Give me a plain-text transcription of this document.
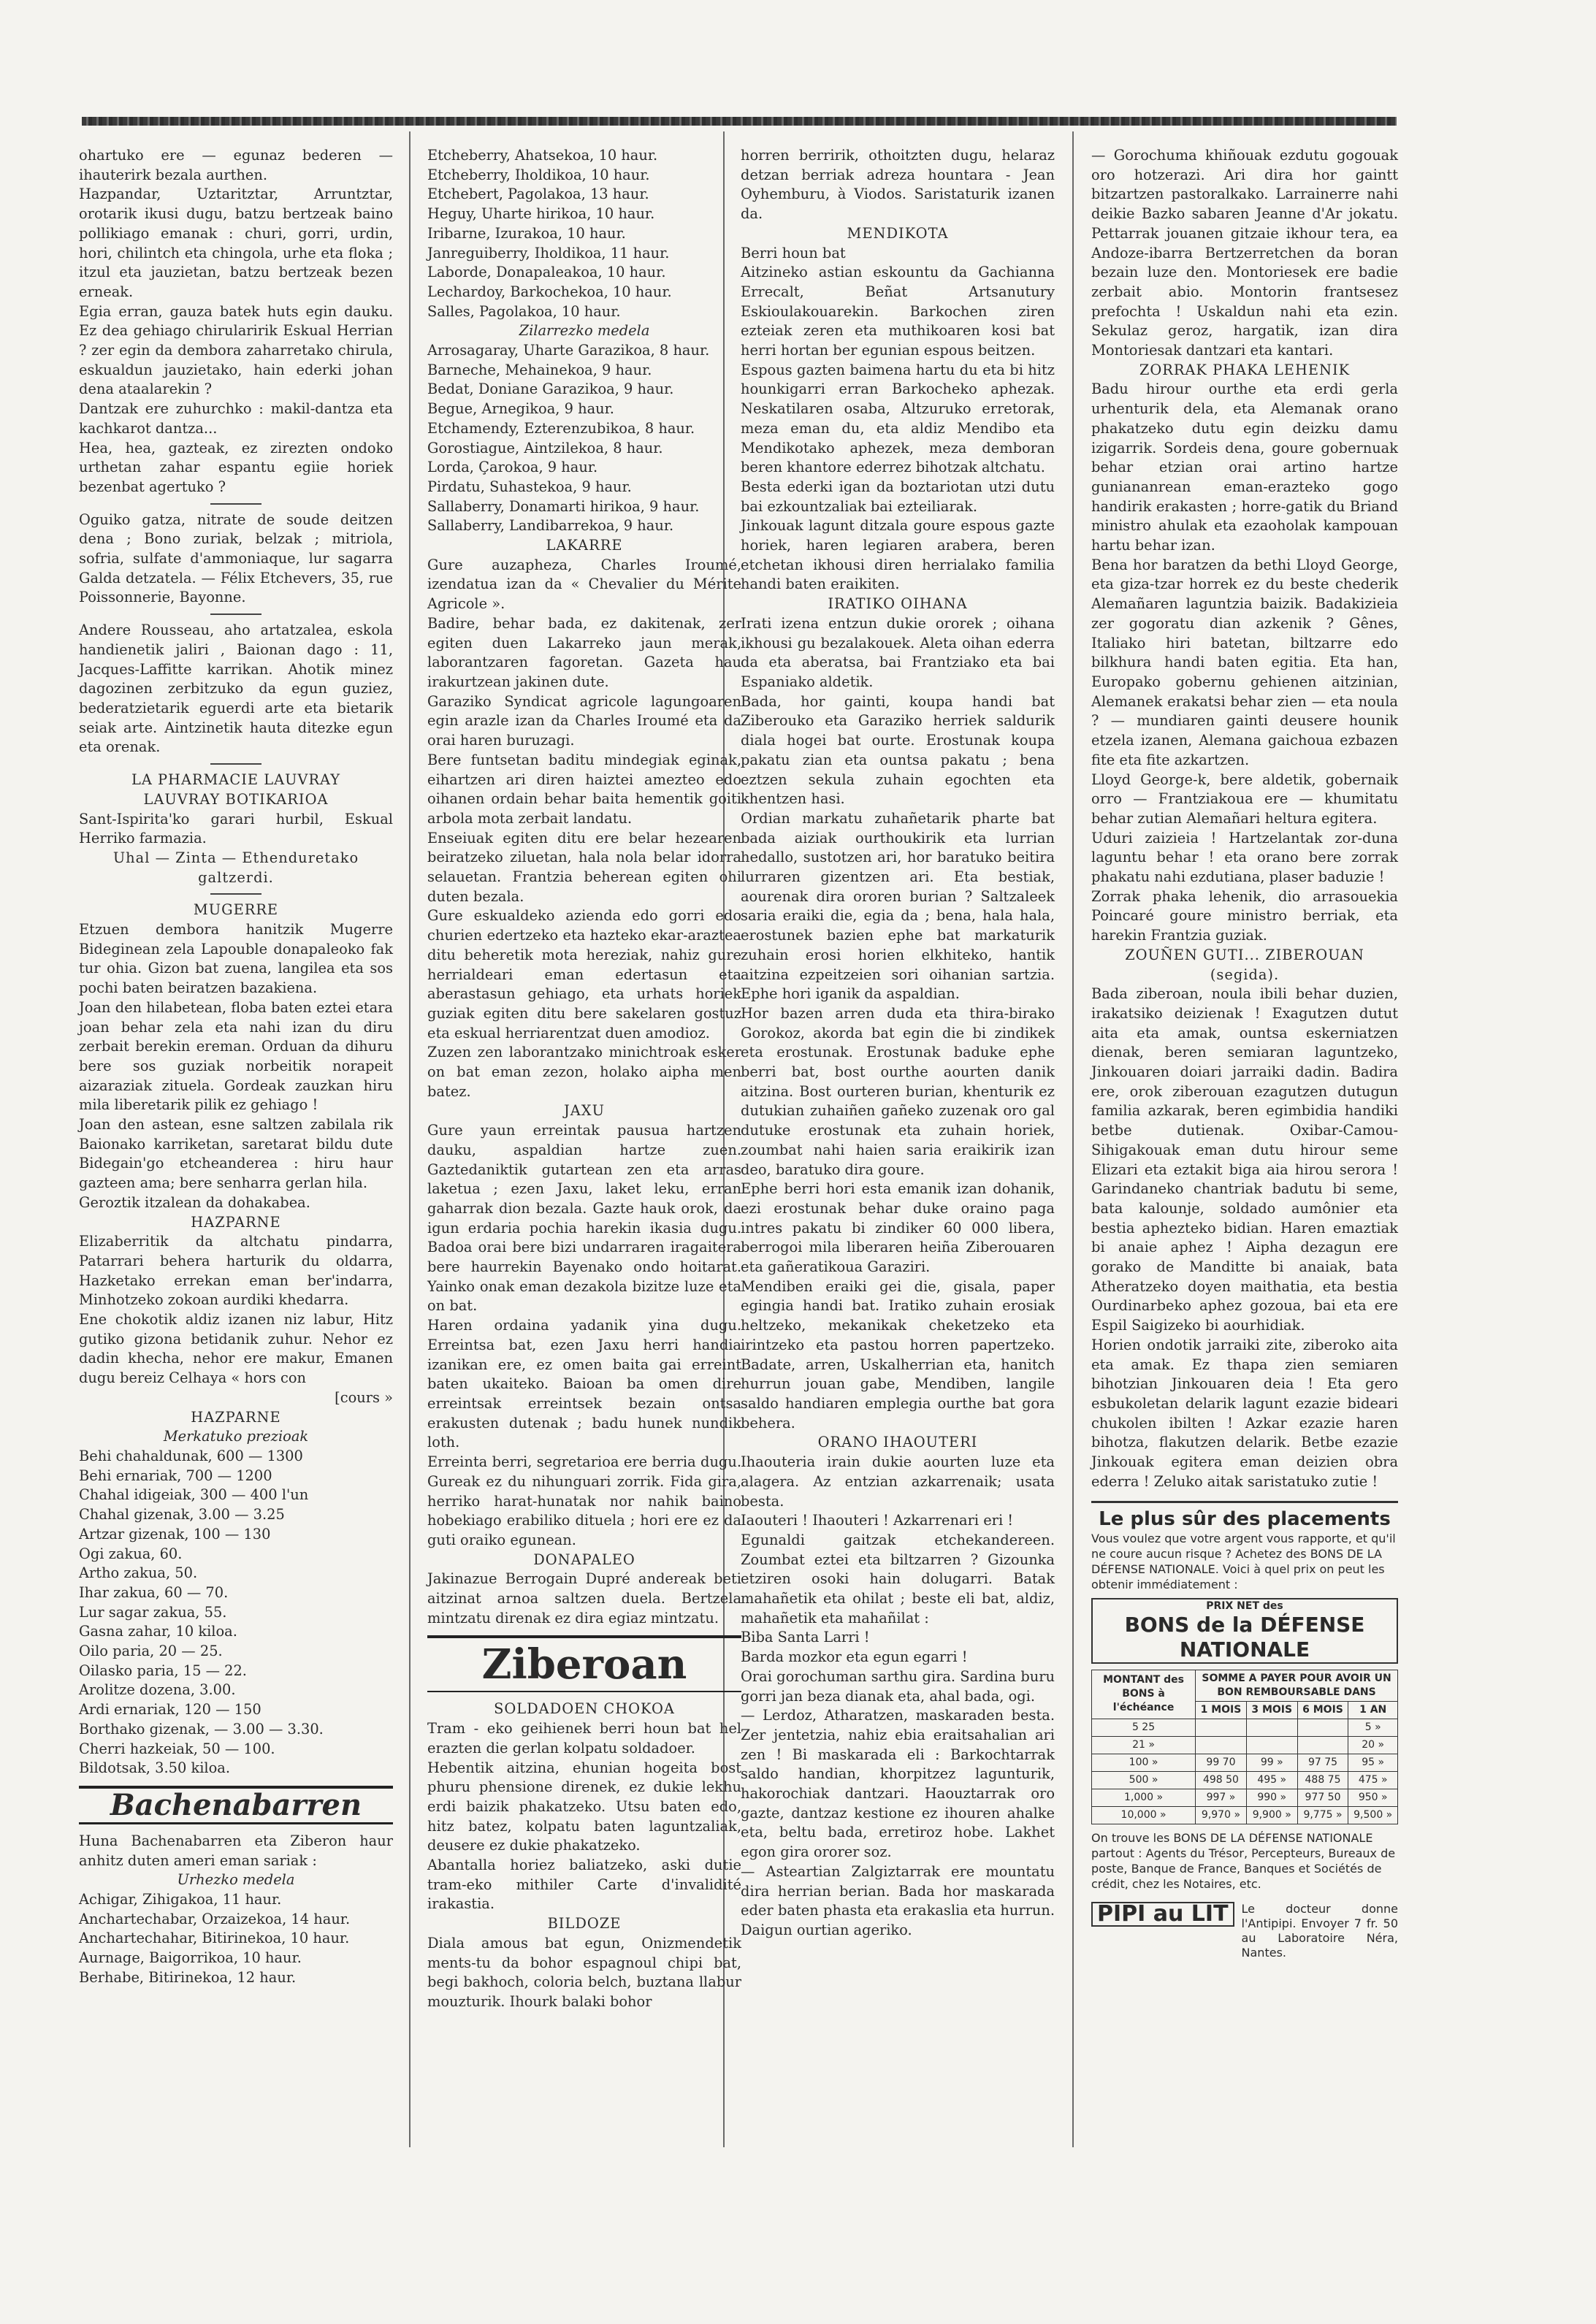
ohartuko ere — egunaz bederen — ihauterirk bezala aurthen.

Hazpandar, Uztaritztar, Arruntztar, orotarik ikusi dugu, batzu bertzeak baino pollikiago emanak : churi, gorri, urdin, hori, chilintch eta chingola, urhe eta floka ; itzul eta jauzietan, batzu bertzeak bezen erneak.

Egia erran, gauza batek huts egin dauku. Ez dea gehiago chirularirik Eskual Herrian ? zer egin da dembora zaharretako chirula, eskualdun jauzietako, hain ederki johan dena ataalarekin ?

Dantzak ere zuhurchko : makil-dantza eta kachkarot dantza...

Hea, hea, gazteak, ez zirezten ondoko urthetan zahar espantu egiie horiek bezenbat agertuko ?

Oguiko gatza, nitrate de soude deitzen dena ; Bono zuriak, belzak ; mitriola, sofria, sulfate d'ammoniaque, lur sagarra Galda detzatela. — Félix Etchevers, 35, rue Poissonnerie, Bayonne.

Andere Rousseau, aho artatzalea, eskola handienetik jaliri , Baionan dago : 11, Jacques-Laffitte karrikan. Ahotik minez dagozinen zerbitzuko da egun guziez, bederatzietarik eguerdi arte eta bietarik seiak arte. Aintzinetik hauta ditezke egun eta orenak.

LA PHARMACIE LAUVRAY

LAUVRAY BOTIKARIOA

Sant-Ispirita'ko garari hurbil, Eskual Herriko farmazia.

Uhal — Zinta — Ethenduretako galtzerdi.

MUGERRE

Etzuen dembora hanitzik Mugerre Bideginean zela Lapouble donapaleoko fak tur ohia. Gizon bat zuena, langilea eta sos pochi baten beiratzen bazakiena.

Joan den hilabetean, floba baten eztei etara joan behar zela eta nahi izan du diru zerbait berekin ereman. Orduan da dihuru bere sos guziak norbeitik norapeit aizaraziak zituela. Gordeak zauzkan hiru mila liberetarik pilik ez gehiago !

Joan den astean, esne saltzen zabilala rik Baionako karriketan, saretarat bildu dute Bidegain'go etcheanderea : hiru haur gazteen ama; bere senharra gerlan hila.

Geroztik itzalean da dohakabea.

HAZPARNE

Elizaberritik da altchatu pindarra, Patarrari behera harturik du oldarra, Hazketako errekan eman ber'indarra, Minhotzeko zokoan aurdiki khedarra.

Ene chokotik aldiz izanen niz labur, Hitz gutiko gizona betidanik zuhur. Nehor ez dadin khecha, nehor ere makur, Emanen dugu bereiz Celhaya « hors con

[cours »

HAZPARNE

Merkatuko prezioak

Behi chahaldunak, 600 — 1300

Behi ernariak, 700 — 1200

Chahal idigeiak, 300 — 400 l'un

Chahal gizenak, 3.00 — 3.25

Artzar gizenak, 100 — 130

Ogi zakua, 60.

Artho zakua, 50.

Ihar zakua, 60 — 70.

Lur sagar zakua, 55.

Gasna zahar, 10 kiloa.

Oilo paria, 20 — 25.

Oilasko paria, 15 — 22.

Arolitze dozena, 3.00.

Ardi ernariak, 120 — 150

Borthako gizenak, — 3.00 — 3.30.

Cherri hazkeiak, 50 — 100.

Bildotsak, 3.50 kiloa.

Bachenabarren

Huna Bachenabarren eta Ziberon haur anhitz duten ameri eman sariak :

Urhezko medela

Achigar, Zihigakoa, 11 haur.

Anchartechabar, Orzaizekoa, 14 haur.

Anchartechahar, Bitirinekoa, 10 haur.

Aurnage, Baigorrikoa, 10 haur.

Berhabe, Bitirinekoa, 12 haur.

Etcheberry, Ahatsekoa, 10 haur.

Etcheberry, Iholdikoa, 10 haur.

Etchebert, Pagolakoa, 13 haur.

Heguy, Uharte hirikoa, 10 haur.

Iribarne, Izurakoa, 10 haur.

Janreguiberry, Iholdikoa, 11 haur.

Laborde, Donapaleakoa, 10 haur.

Lechardoy, Barkochekoa, 10 haur.

Salles, Pagolakoa, 10 haur.

Zilarrezko medela

Arrosagaray, Uharte Garazikoa, 8 haur.

Barneche, Mehainekoa, 9 haur.

Bedat, Doniane Garazikoa, 9 haur.

Begue, Arnegikoa, 9 haur.

Etchamendy, Ezterenzubikoa, 8 haur.

Gorostiague, Aintzilekoa, 8 haur.

Lorda, Çarokoa, 9 haur.

Pirdatu, Suhastekoa, 9 haur.

Sallaberry, Donamarti hirikoa, 9 haur.

Sallaberry, Landibarrekoa, 9 haur.

LAKARRE

Gure auzapheza, Charles Iroumé, izendatua izan da « Chevalier du Mérite Agricole ».

Badire, behar bada, ez dakitenak, zer egiten duen Lakarreko jaun merak, laborantzaren fagoretan. Gazeta hau irakurtzean jakinen dute.

Garaziko Syndicat agricole lagungoaren egin arazle izan da Charles Iroumé eta da orai haren buruzagi.

Bere funtsetan baditu mindegiak eginak, eihartzen ari diren haiztei amezteo edo oihanen ordain behar baita hementik goiti arbola mota zerbait landatu.

Enseiuak egiten ditu ere belar hezearen beiratzeko ziluetan, hala nola belar idorra selauetan. Frantzia beherean egiten ohi duten bezala.

Gure eskualdeko azienda edo gorri edo churien edertzeko eta hazteko ekar-araztea ditu beheretik mota hereziak, nahiz gure herrialdeari eman edertasun eta aberastasun gehiago, eta urhats horiek guziak egiten ditu bere sakelaren gostuz eta eskual herriarentzat duen amodioz.

Zuzen zen laborantzako minichtroak esker on bat eman zezon, holako aipha men batez.

JAXU

Gure yaun erreintak pausua hartzen dauku, aspaldian hartze zuen. Gaztedaniktik gutartean zen eta arras laketua ; ezen Jaxu, laket leku, erran gaharrak dion bezala. Gazte hauk orok, da igun erdaria pochia harekin ikasia dugu. Badoa orai bere bizi undarraren iragaitera bere haurrekin Bayenako ondo hoitarat. Yainko onak eman dezakola bizitze luze eta on bat.

Haren ordaina yadanik yina dugu. Erreintsa bat, ezen Jaxu herri handia izanikan ere, ez omen baita gai erreint baten ukaiteko. Baioan ba omen dire erreintsak erreintsek bezain ontsa erakusten dutenak ; badu hunek nundik loth.

Erreinta berri, segretarioa ere berria dugu. Gureak ez du nihunguari zorrik. Fida gira, herriko harat-hunatak nor nahik baino hobekiago erabiliko dituela ; hori ere ez da guti oraiko egunean.

DONAPALEO

Jakinazue Berrogain Dupré andereak beti aitzinat arnoa saltzen duela. Bertzela mintzatu direnak ez dira egiaz mintzatu.

Ziberoan

SOLDADOEN CHOKOA

Tram - eko geihienek berri houn bat hel erazten die gerlan kolpatu soldadoer.

Hebentik aitzina, ehunian hogeita bost phuru phensione direnek, ez dukie lekhu erdi baizik phakatzeko. Utsu baten edo, hitz batez, kolpatu baten laguntzaliak, deusere ez dukie phakatzeko.

Abantalla horiez baliatzeko, aski dutie tram-eko mithiler Carte d'invalidité irakastia.

BILDOZE

Diala amous bat egun, Onizmendetik ments-tu da bohor espagnoul chipi bat, begi bakhoch, coloria belch, buztana llabur mouzturik. Ihourk balaki bohor

horren berririk, othoitzten dugu, helaraz detzan berriak adreza hountara - Jean Oyhemburu, à Viodos. Saristaturik izanen da.

MENDIKOTA

Berri houn bat

Aitzineko astian eskountu da Gachianna Errecalt, Beñat Artsanutury Eskioulakouarekin. Barkochen ziren ezteiak zeren eta muthikoaren kosi bat herri hortan ber egunian espous beitzen.

Espous gazten baimena hartu du eta bi hitz hounkigarri erran Barkocheko aphezak. Neskatilaren osaba, Altzuruko erretorak, meza eman du, eta aldiz Mendibo eta Mendikotako aphezek, meza demboran beren khantore ederrez bihotzak altchatu.

Besta ederki igan da boztariotan utzi dutu bai ezkountzaliak bai ezteiliarak.

Jinkouak lagunt ditzala goure espous gazte horiek, haren legiaren arabera, beren etchetan ikhousi diren herrialako familia handi baten eraikiten.

IRATIKO OIHANA

Irati izena entzun dukie ororek ; oihana ikhousi gu bezalakouek. Aleta oihan ederra da eta aberatsa, bai Frantziako eta bai Espaniako aldetik.

Bada, hor gainti, koupa handi bat Ziberouko eta Garaziko herriek saldurik diala hogei bat ourte. Erostunak koupa pakatu zian eta ountsa pakatu ; bena eztzen sekula zuhain egochten eta khentzen hasi.

Ordian markatu zuhañetarik pharte bat bada aiziak ourthoukirik eta lurrian hedallo, sustotzen ari, hor baratuko beitira lurraren gizentzen ari. Eta bestiak, aourenak dira ororen burian ? Saltzaleek saria eraiki die, egia da ; bena, hala hala, erostunek bazien ephe bat markaturik zuhain erosi horien elkhiteko, hantik aitzina ezpeitzeien sori oihanian sartzia. Ephe hori iganik da aspaldian.

Hor bazen arren duda eta thira-birako Gorokoz, akorda bat egin die bi zindikek eta erostunak. Erostunak baduke ephe berri bat, bost ourthe aourten danik aitzina. Bost ourteren burian, khenturik ez dutukian zuhaiñen gañeko zuzenak oro gal dutuke erostunak eta zuhain horiek, zoumbat nahi haien saria eraikirik izan deo, baratuko dira goure.

Ephe berri hori esta emanik izan dohanik, ezi erostunak behar duke oraino paga intres pakatu bi zindiker 60 000 libera, berrogoi mila liberaren heiña Ziberouaren eta gañeratikoua Garaziri.

Mendiben eraiki gei die, gisala, paper egingia handi bat. Iratiko zuhain erosiak heltzeko, mekanikak cheketzeko eta irintzeko eta pastou horren papertzeko. Badate, arren, Uskalherrian eta, hanitch hurrun jouan gabe, Mendiben, langile saldo handiaren emplegia ourthe bat gora behera.

ORANO IHAOUTERI

Ihaouteria irain dukie aourten luze eta alagera. Az entzian azkarrenaik; usata besta.

Iaouteri ! Ihaouteri ! Azkarrenari eri !

Egunaldi gaitzak etchekandereen. Zoumbat eztei eta biltzarren ? Gizounka etziren osoki hain dolugarri. Batak mahañetik eta ohilat ; beste eli bat, aldiz, mahañetik eta mahañilat :

Biba Santa Larri !

Barda mozkor eta egun egarri !

Orai gorochuman sarthu gira. Sardina buru gorri jan beza dianak eta, ahal bada, ogi.

— Lerdoz, Atharatzen, maskaraden besta. Zer jentetzia, nahiz ebia eraitsahalian ari zen ! Bi maskarada eli : Barkochtarrak saldo handian, khorpitzez lagunturik, hakorochiak dantzari. Haouztarrak oro gazte, dantzaz kestione ez ihouren ahalke eta, beltu bada, erretiroz hobe. Lakhet egon gira ororer soz.

— Asteartian Zalgiztarrak ere mountatu dira herrian berian. Bada hor maskarada eder baten phasta eta erakaslia eta hurrun. Daigun ourtian ageriko.

— Gorochuma khiñouak ezdutu gogouak oro hotzerazi. Ari dira hor gaintt bitzartzen pastoralkako. Larrainerre nahi deikie Bazko sabaren Jeanne d'Ar jokatu. Pettarrak jouanen gitzaie ikhour tera, ea Andoze-ibarra Bertzerretchen da boran bezain luze den. Montoriesek ere badie zerbait abio. Montorin frantsesez prefochta ! Uskaldun nahi eta ezin. Sekulaz geroz, hargatik, izan dira Montoriesak dantzari eta kantari.

ZORRAK PHAKA LEHENIK

Badu hirour ourthe eta erdi gerla urhenturik dela, eta Alemanak orano phakatzeko dutu egin deizku damu izigarrik. Sordeis dena, goure gobernuak behar etzian orai artino hartze guniananrean eman-erazteko gogo handirik erakasten ; horre-gatik du Briand ministro ahulak eta ezaoholak kampouan hartu behar izan.

Bena hor baratzen da bethi Lloyd George, eta giza-tzar horrek ez du beste chederik Alemañaren laguntzia baizik. Badakizieia zer gogoratu dian azkenik ? Gênes, Italiako hiri batetan, biltzarre edo bilkhura handi baten egitia. Eta han, Europako gobernu gehienen aitzinian, Alemanek erakatsi behar zien — eta noula ? — mundiaren gainti deusere hounik etzela izanen, Alemana gaichoua ezbazen fite eta fite azkartzen.

Lloyd George-k, bere aldetik, gobernaik orro — Frantziakoua ere — khumitatu behar zutian Alemañari heltura egitera.

Uduri zaizieia ! Hartzelantak zor-duna laguntu behar ! eta orano bere zorrak phakatu nahi ezdutiana, plaser baduzie !

Zorrak phaka lehenik, dio arrasouekia Poincaré goure ministro berriak, eta harekin Frantzia guziak.

ZOUÑEN GUTI... ZIBEROUAN (segida).

Bada ziberoan, noula ibili behar duzien, irakatsiko deizienak ! Exagutzen dutut aita eta amak, ountsa eskerniatzen dienak, beren semiaran laguntzeko, Jinkouaren doiari jarraiki dadin. Badira ere, orok ziberouan ezagutzen dutugun familia azkarak, beren egimbidia handiki betbe dutienak. Oxibar-Camou-Sihigakouak eman dutu hirour seme Elizari eta eztakit biga aia hirou serora ! Garindaneko chantriak badutu bi seme, bata kalounje, soldado aumônier eta bestia aphezteko bidian. Haren emaztiak bi anaie aphez ! Aipha dezagun ere gorako de Manditte bi anaiak, bata Atheratzeko doyen maithatia, eta bestia Ourdinarbeko aphez gozoua, bai eta ere Espil Saigizeko bi aourhidiak.

Horien ondotik jarraiki zite, ziberoko aita eta amak. Ez thapa zien semiaren bihotzian Jinkouaren deia ! Eta gero esbukoletan delarik lagunt ezazie bideari chukolen ibilten ! Azkar ezazie haren bihotza, flakutzen delarik. Betbe ezazie Jinkouak egitera eman deizien obra ederra ! Zeluko aitak saristatuko zutie !

Le plus sûr des placements
Vous voulez que votre argent vous rapporte, et qu'il ne coure aucun risque ? Achetez des BONS DE LA DÉFENSE NATIONALE. Voici à quel prix on peut les obtenir immédiatement :
PRIX NET des
BONS de la DÉFENSE NATIONALE
MONTANT des BONS à l'échéance	SOMME A PAYER POUR AVOIR UN BON REMBOURSABLE DANS			
	1 MOIS	3 MOIS	6 MOIS	1 AN
5 25				5 »
21 »				20 »
100 »	99 70	99 »	97 75	95 »
500 »	498 50	495 »	488 75	475 »
1,000 »	997 »	990 »	977 50	950 »
10,000 »	9,970 »	9,900 »	9,775 »	9,500 »
On trouve les BONS DE LA DÉFENSE NATIONALE partout : Agents du Trésor, Percepteurs, Bureaux de poste, Banque de France, Banques et Sociétés de crédit, chez les Notaires, etc.
PIPI au LIT	Le docteur donne l'Antipipi. Envoyer 7 fr. 50 au Laboratoire Néra, Nantes.
